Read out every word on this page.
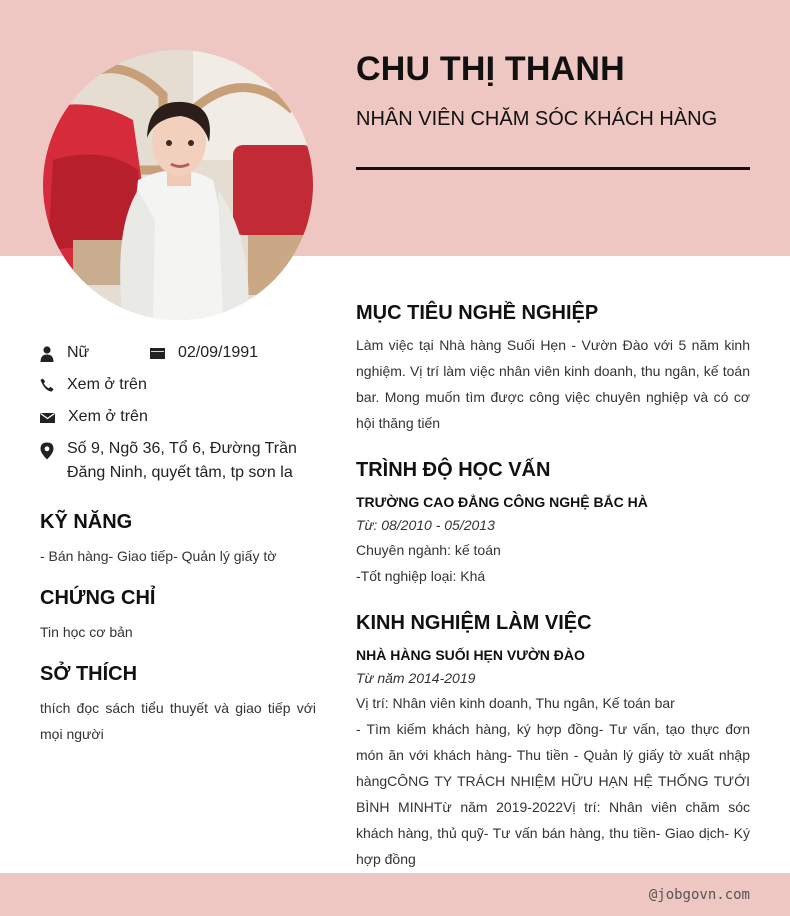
CHU THỊ THANH
NHÂN VIÊN CHĂM SÓC KHÁCH HÀNG
Nữ	02/09/1991
Xem ở trên
Xem ở trên
Số 9, Ngõ 36, Tổ 6, Đường Trần Đăng Ninh, quyết tâm, tp sơn la
KỸ NĂNG
- Bán hàng- Giao tiếp- Quản lý giấy tờ
CHỨNG CHỈ
Tin học cơ bản
SỞ THÍCH
thích đọc sách tiểu thuyết và giao tiếp với mọi người
MỤC TIÊU NGHỀ NGHIỆP
Làm việc tại Nhà hàng Suối Hẹn - Vườn Đào với 5 năm kinh nghiệm. Vị trí làm việc nhân viên kinh doanh, thu ngân, kế toán bar. Mong muốn tìm được công việc chuyên nghiệp và có cơ hội thăng tiến
TRÌNH ĐỘ HỌC VẤN
TRƯỜNG CAO ĐẲNG CÔNG NGHỆ BẮC HÀ
Từ: 08/2010 - 05/2013
Chuyên ngành: kế toán
-Tốt nghiệp loại: Khá
KINH NGHIỆM LÀM VIỆC
NHÀ HÀNG SUỐI HẸN VƯỜN ĐÀO
Từ năm 2014-2019
Vị trí: Nhân viên kinh doanh, Thu ngân, Kế toán bar
- Tìm kiếm khách hàng, ký hợp đồng- Tư vấn, tạo thực đơn món ăn với khách hàng- Thu tiền - Quản lý giấy tờ xuất nhập hàngCÔNG TY TRÁCH NHIỆM HỮU HẠN HỆ THỐNG TƯỚI BÌNH MINHTừ năm 2019-2022Vị trí: Nhân viên chăm sóc khách hàng, thủ quỹ- Tư vấn bán hàng, thu tiền- Giao dịch- Ký hợp đồng
@jobgovn.com
